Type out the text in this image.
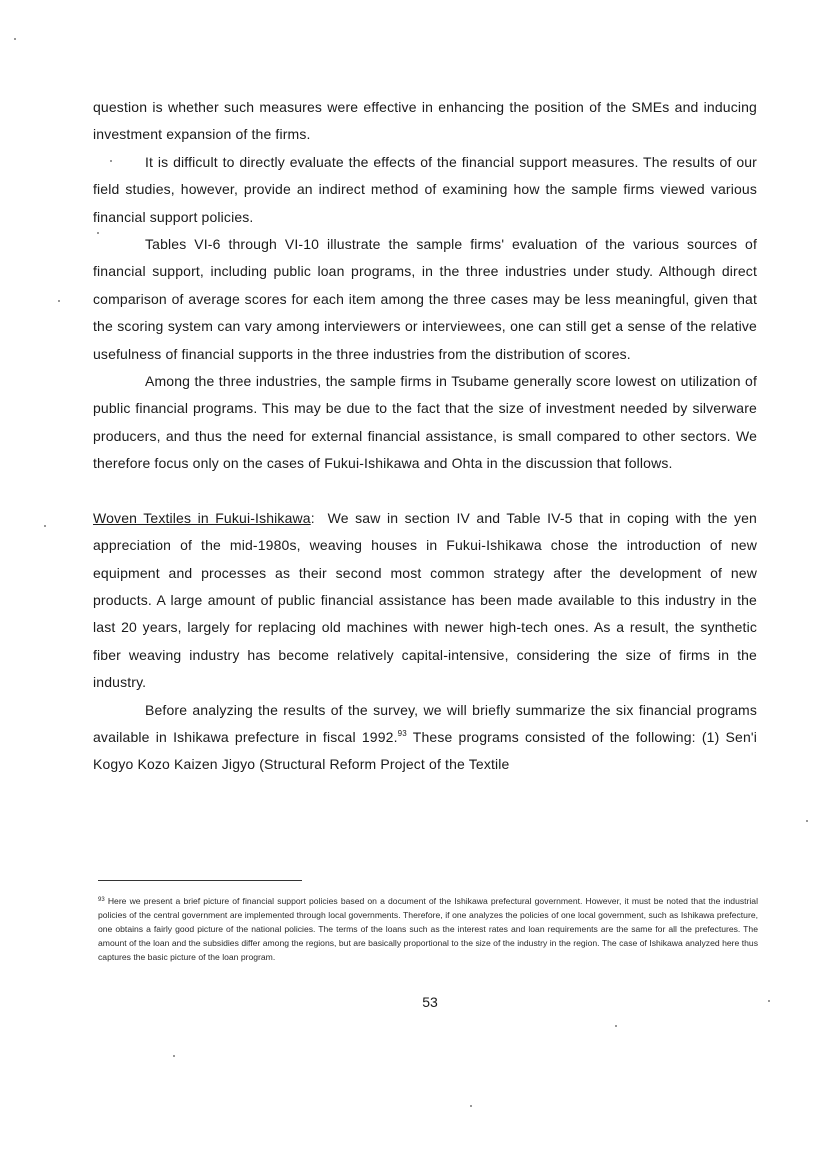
question is whether such measures were effective in enhancing the position of the SMEs and inducing investment expansion of the firms.

It is difficult to directly evaluate the effects of the financial support measures. The results of our field studies, however, provide an indirect method of examining how the sample firms viewed various financial support policies.

Tables VI-6 through VI-10 illustrate the sample firms' evaluation of the various sources of financial support, including public loan programs, in the three industries under study. Although direct comparison of average scores for each item among the three cases may be less meaningful, given that the scoring system can vary among interviewers or interviewees, one can still get a sense of the relative usefulness of financial supports in the three industries from the distribution of scores.

Among the three industries, the sample firms in Tsubame generally score lowest on utilization of public financial programs. This may be due to the fact that the size of investment needed by silverware producers, and thus the need for external financial assistance, is small compared to other sectors. We therefore focus only on the cases of Fukui-Ishikawa and Ohta in the discussion that follows.

Woven Textiles in Fukui-Ishikawa: We saw in section IV and Table IV-5 that in coping with the yen appreciation of the mid-1980s, weaving houses in Fukui-Ishikawa chose the introduction of new equipment and processes as their second most common strategy after the development of new products. A large amount of public financial assistance has been made available to this industry in the last 20 years, largely for replacing old machines with newer high-tech ones. As a result, the synthetic fiber weaving industry has become relatively capital-intensive, considering the size of firms in the industry.

Before analyzing the results of the survey, we will briefly summarize the six financial programs available in Ishikawa prefecture in fiscal 1992.93 These programs consisted of the following: (1) Sen'i Kogyo Kozo Kaizen Jigyo (Structural Reform Project of the Textile

$^{93}$ Here we present a brief picture of financial support policies based on a document of the Ishikawa prefectural government. However, it must be noted that the industrial policies of the central government are implemented through local governments. Therefore, if one analyzes the policies of one local government, such as Ishikawa prefecture, one obtains a fairly good picture of the national policies. The terms of the loans such as the interest rates and loan requirements are the same for all the prefectures. The amount of the loan and the subsidies differ among the regions, but are basically proportional to the size of the industry in the region. The case of Ishikawa analyzed here thus captures the basic picture of the loan program.
53
